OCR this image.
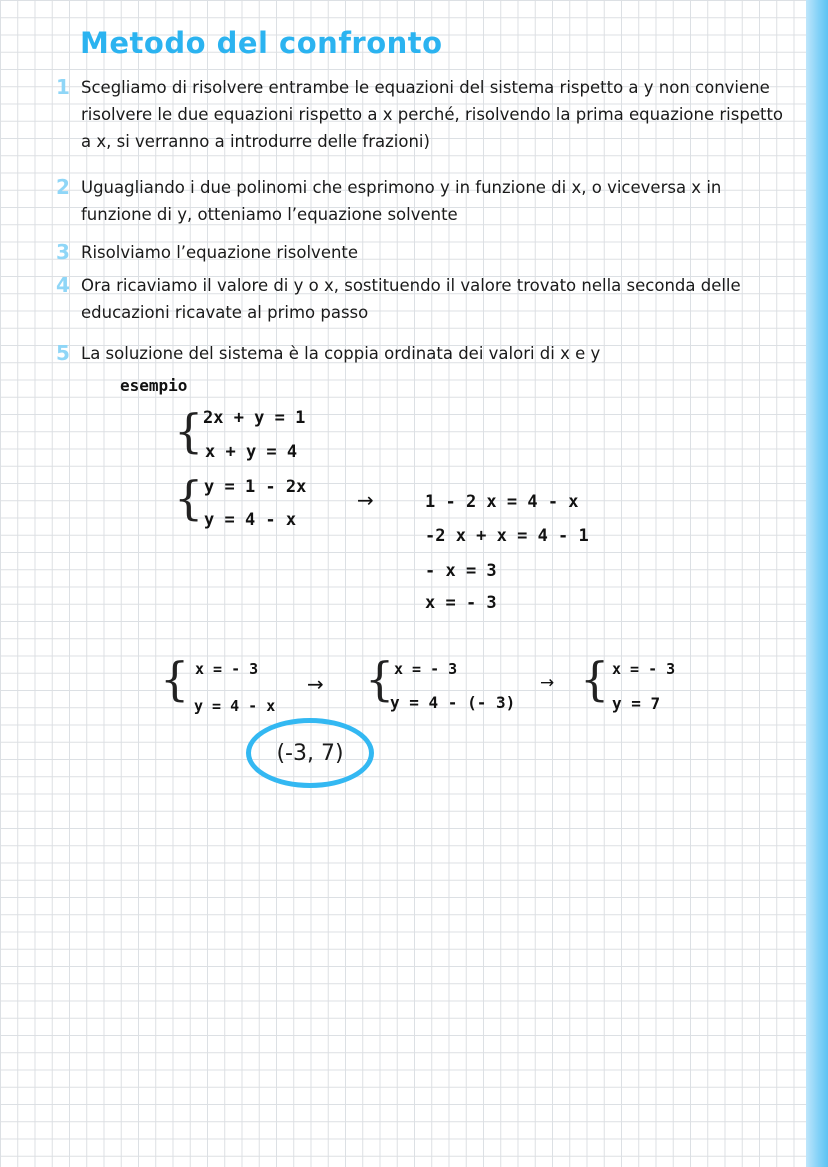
Metodo del confronto
1 Scegliamo di risolvere entrambe le equazioni del sistema rispetto a y non conviene risolvere le due equazioni rispetto a x perché, risolvendo la prima equazione rispetto a x, si verranno a introdurre delle frazioni)
2 Uguagliando i due polinomi che esprimono y in funzione di x, o viceversa x in funzione di y, otteniamo l’equazione solvente
3 Risolviamo l’equazione risolvente
4 Ora ricaviamo il valore di y o x, sostituendo il valore trovato nella seconda delle educazioni ricavate al primo passo
5 La soluzione del sistema è la coppia ordinata dei valori di x e y
esempio
{ 2x + y = 1
x + y = 4
{ y = 1 - 2x
y = 4 - x
→	1 - 2 x = 4 - x
-2 x + x = 4 - 1
- x = 3
x = - 3
{ x = - 3
y = 4 - x
→ { x = - 3
y = 4 - (- 3)
→ { x = - 3
y = 7
(-3, 7)
